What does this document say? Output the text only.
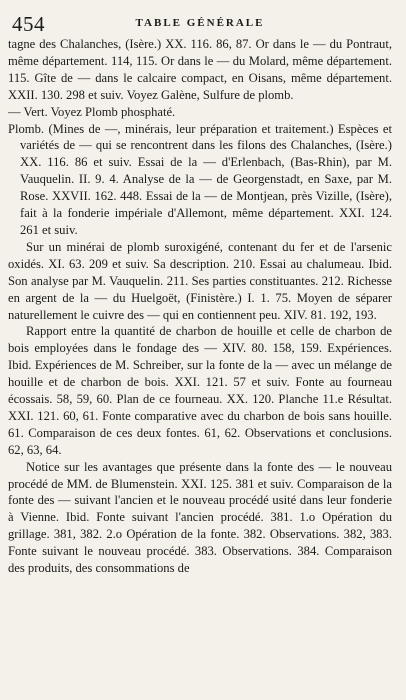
454	TABLE GÉNÉRALE

tagne des Chalanches, (Isère.) XX. 116. 86, 87. Or dans le — du Pontraut, même département. 114, 115. Or dans le — du Molard, même département. 115. Gîte de — dans le calcaire compact, en Oisans, même département. XXII. 130. 298 et suiv. Voyez Galène, Sulfure de plomb.

— Vert. Voyez Plomb phosphaté.

Plomb. (Mines de —, minérais, leur préparation et traitement.) Espèces et variétés de — qui se rencontrent dans les filons des Chalanches, (Isère.) XX. 116. 86 et suiv. Essai de la — d'Erlenbach, (Bas-Rhin), par M. Vauquelin. II. 9. 4. Analyse de la — de Georgenstadt, en Saxe, par M. Rose. XXVII. 162. 448. Essai de la — de Montjean, près Vizille, (Isère), fait à la fonderie impériale d'Allemont, même département. XXI. 124. 261 et suiv.

Sur un minérai de plomb suroxigéné, contenant du fer et de l'arsenic oxidés. XI. 63. 209 et suiv. Sa description. 210. Essai au chalumeau. Ibid. Son analyse par M. Vauquelin. 211. Ses parties constituantes. 212. Richesse en argent de la — du Huelgoët, (Finistère.) I. 1. 75. Moyen de séparer naturellement le cuivre des — qui en contiennent peu. XIV. 81. 192, 193.

Rapport entre la quantité de charbon de houille et celle de charbon de bois employées dans le fondage des — XIV. 80. 158, 159. Expériences. Ibid. Expériences de M. Schreiber, sur la fonte de la — avec un mélange de houille et de charbon de bois. XXI. 121. 57 et suiv. Fonte au fourneau écossais. 58, 59, 60. Plan de ce fourneau. XX. 120. Planche 11.e Résultat. XXI. 121. 60, 61. Fonte comparative avec du charbon de bois sans houille. 61. Comparaison de ces deux fontes. 61, 62. Observations et conclusions. 62, 63, 64.

Notice sur les avantages que présente dans la fonte des — le nouveau procédé de MM. de Blumenstein. XXI. 125. 381 et suiv. Comparaison de la fonte des — suivant l'ancien et le nouveau procédé usité dans leur fonderie à Vienne. Ibid. Fonte suivant l'ancien procédé. 381. 1.o Opération du grillage. 381, 382. 2.o Opération de la fonte. 382. Observations. 382, 383. Fonte suivant le nouveau procédé. 383. Observations. 384. Comparaison des produits, des consommations de
